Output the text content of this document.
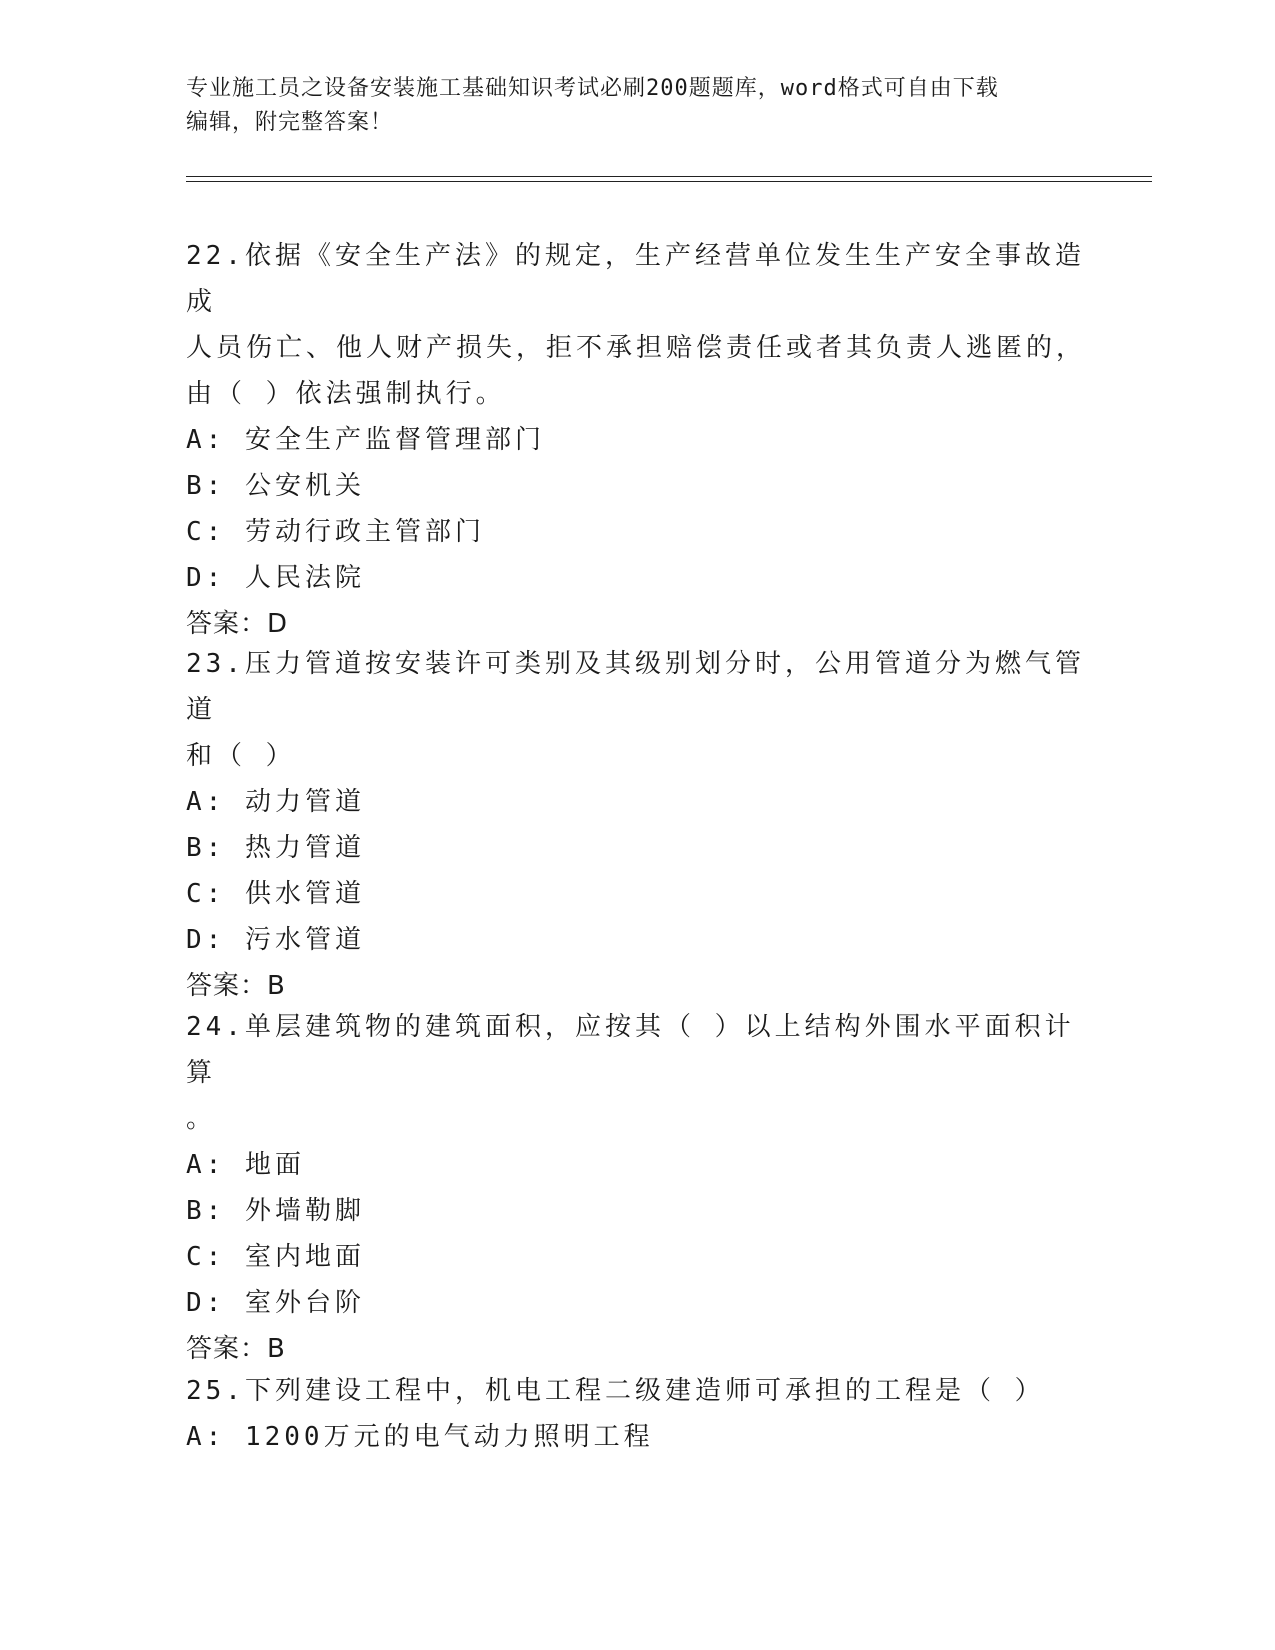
专业施工员之设备安装施工基础知识考试必刷200题题库，word格式可自由下载
编辑，附完整答案！

22.依据《安全生产法》的规定，生产经营单位发生生产安全事故造成

人员伤亡、他人财产损失，拒不承担赔偿责任或者其负责人逃匿的，

由（ ）依法强制执行。

A: 安全生产监督管理部门

B: 公安机关

C: 劳动行政主管部门

D: 人民法院

答案：D

23.压力管道按安装许可类别及其级别划分时，公用管道分为燃气管道

和（ ）

A: 动力管道

B: 热力管道

C: 供水管道

D: 污水管道

答案：B

24.单层建筑物的建筑面积，应按其（ ）以上结构外围水平面积计算

。

A: 地面

B: 外墙勒脚

C: 室内地面

D: 室外台阶

答案：B

25.下列建设工程中，机电工程二级建造师可承担的工程是（ ）

A: 1200万元的电气动力照明工程
